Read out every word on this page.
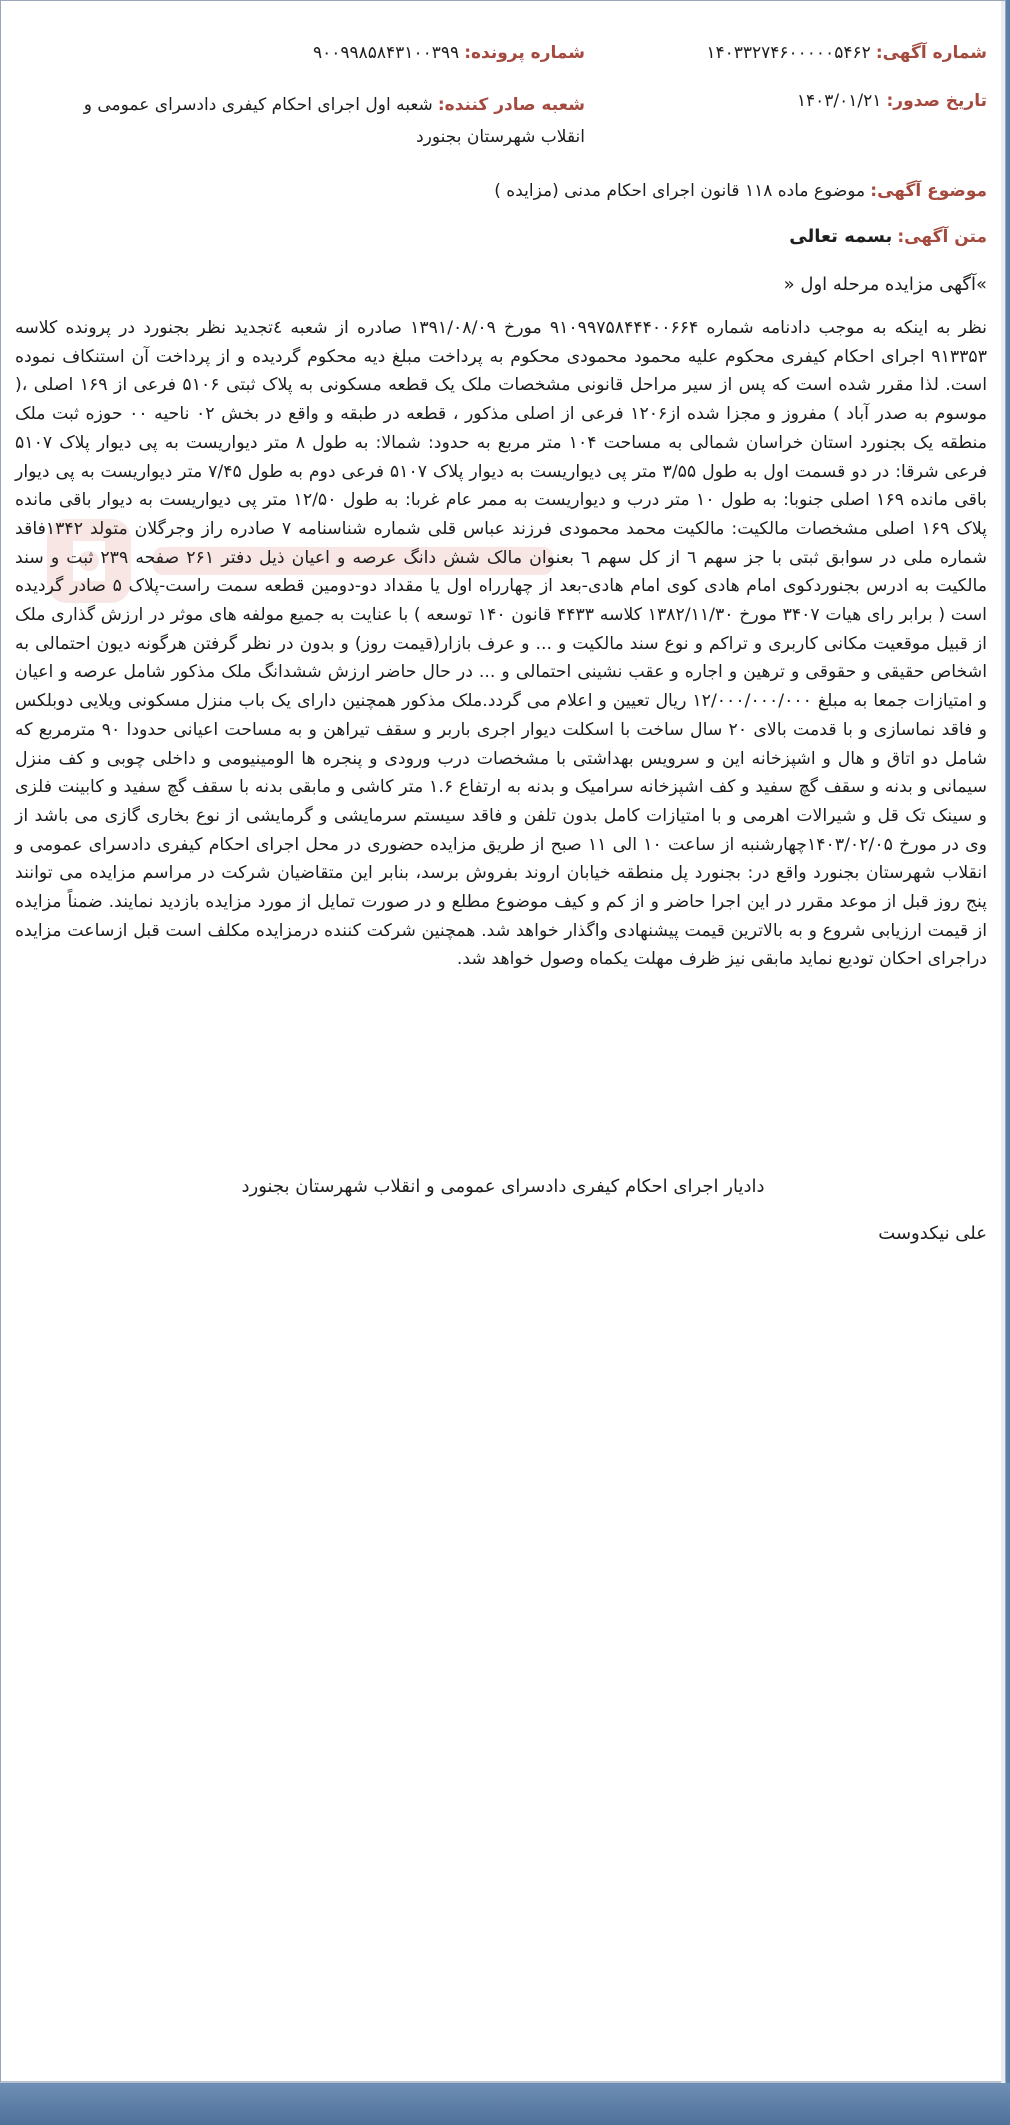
شماره آگهی: ۱۴۰۳۳۲۷۴۶۰۰۰۰۰۵۴۶۲
شماره پرونده: ۹۰۰۹۹۸۵۸۴۳۱۰۰۳۹۹
تاریخ صدور: ۱۴۰۳/۰۱/۲۱
شعبه صادر کننده: شعبه اول اجرای احکام کیفری دادسرای عمومی و انقلاب شهرستان بجنورد
موضوع آگهی: موضوع ماده ۱۱۸ قانون اجرای احکام مدنی (مزایده )
متن آگهی: بسمه تعالی
»آگهی مزایده مرحله اول «

نظر به اینکه به موجب دادنامه شماره ۹۱۰۹۹۷۵۸۴۴۴۰۰۶۶۴ مورخ ۱۳۹۱/۰۸/۰۹ صادره از شعبه ٤تجدید نظر بجنورد در پرونده کلاسه ۹۱۳۳۵۳ اجرای احکام کیفری محکوم علیه محمود محمودی محکوم به پرداخت مبلغ دیه محکوم گردیده و از پرداخت آن استنکاف نموده است. لذا مقرر شده است که پس از سیر مراحل قانونی مشخصات ملک یک قطعه مسکونی به پلاک ثبتی ۵۱۰۶ فرعی از ۱۶۹ اصلی ،( موسوم به صدر آباد ) مفروز و مجزا شده از۱۲۰۶ فرعی از اصلی مذکور ، قطعه در طبقه و واقع در بخش ۰۲ ناحیه ۰۰ حوزه ثبت ملک منطقه یک بجنورد استان خراسان شمالی به مساحت ۱۰۴ متر مربع به حدود: شمالا: به طول ۸ متر دیواریست به پی دیوار پلاک ۵۱۰۷ فرعی شرقا: در دو قسمت اول به طول ۳/۵۵ متر پی دیواریست به دیوار پلاک ۵۱۰۷ فرعی دوم به طول ۷/۴۵ متر دیواریست به پی دیوار باقی مانده ۱۶۹ اصلی جنوبا: به طول ۱۰ متر درب و دیواریست به ممر عام غربا: به طول ۱۲/۵۰ متر پی دیواریست به دیوار باقی مانده پلاک ۱۶۹ اصلی مشخصات مالکیت: مالکیت محمد محمودی فرزند عباس قلی شماره شناسنامه ۷ صادره راز وجرگلان متولد ۱۳۴۲فاقد شماره ملی در سوابق ثبتی با جز سهم ٦ از کل سهم ٦ بعنوان مالک شش دانگ عرصه و اعیان ذیل دفتر ۲۶۱ صفحه ۲۳۹ ثبت و سند مالکیت به ادرس بجنوردکوی امام هادی کوی امام هادی-بعد از چهارراه اول یا مقداد دو-دومین قطعه سمت راست-پلاک ۵ صادر گردیده است ( برابر رای هیات ۳۴۰۷ مورخ ۱۳۸۲/۱۱/۳۰ کلاسه ۴۴۳۳ قانون ۱۴۰ توسعه ) با عنایت به جمیع مولفه های موثر در ارزش گذاری ملک از قبیل موقعیت مکانی کاربری و تراکم و نوع سند مالکیت و ... و عرف بازار(قیمت روز) و بدون در نظر گرفتن هرگونه دیون احتمالی به اشخاص حقیقی و حقوقی و ترهین و اجاره و عقب نشینی احتمالی و ... در حال حاضر ارزش ششدانگ ملک مذکور شامل عرصه و اعیان و امتیازات جمعا به مبلغ ۱۲/۰۰۰/۰۰۰/۰۰۰ ریال تعیین و اعلام می گردد.ملک مذکور همچنین دارای یک باب منزل مسکونی ویلایی دوبلکس و فاقد نماسازی و با قدمت بالای ۲۰ سال ساخت با اسکلت دیوار اجری باربر و سقف تیراهن و به مساحت اعیانی حدودا ۹۰ مترمربع که شامل دو اتاق و هال و اشپزخانه این و سرویس بهداشتی با مشخصات درب ورودی و پنجره ها الومینیومی و داخلی چوبی و کف منزل سیمانی و بدنه و سقف گچ سفید و کف اشپزخانه سرامیک و بدنه به ارتفاع ۱.۶ متر کاشی و مابقی بدنه با سقف گچ سفید و کابینت فلزی و سینک تک قل و شیرالات اهرمی و با امتیازات کامل بدون تلفن و فاقد سیستم سرمایشی و گرمایشی از نوع بخاری گازی می باشد از وی در مورخ ۱۴۰۳/۰۲/۰۵چهارشنبه از ساعت ۱۰ الی ۱۱ صبح از طریق مزایده حضوری در محل اجرای احکام کیفری دادسرای عمومی و انقلاب شهرستان بجنورد واقع در: بجنورد پل منطقه خیابان اروند بفروش برسد، بنابر این متقاضیان شرکت در مراسم مزایده می توانند پنج روز قبل از موعد مقرر در این اجرا حاضر و از کم و کیف موضوع مطلع و در صورت تمایل از مورد مزایده بازدید نمایند. ضمناً مزایده از قیمت ارزیابی شروع و به بالاترین قیمت پیشنهادی واگذار خواهد شد. همچنین شرکت کننده درمزایده مکلف است قبل ازساعت مزایده دراجرای احکان تودیع نماید مابقی نیز ظرف مهلت یکماه وصول خواهد شد.

دادیار اجرای احکام کیفری دادسرای عمومی و انقلاب شهرستان بجنورد
علی نیکدوست
